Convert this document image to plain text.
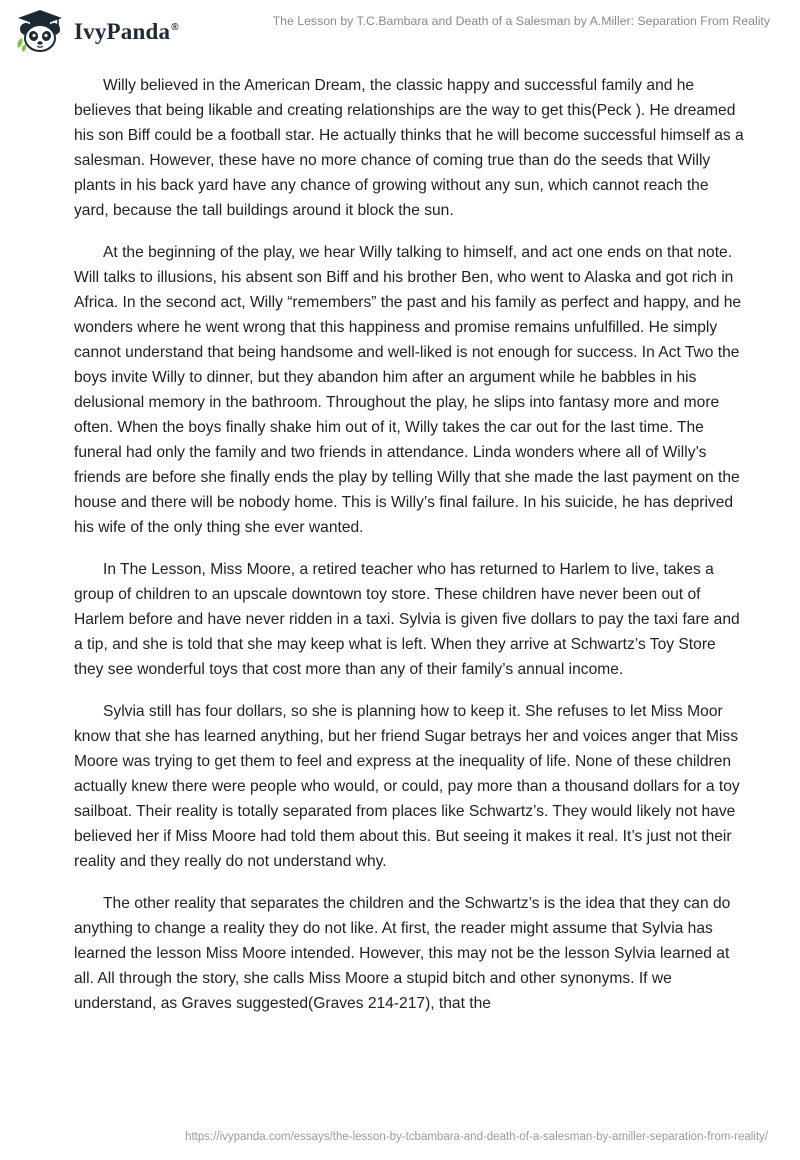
IvyPanda®	The Lesson by T.C.Bambara and Death of a Salesman by A.Miller: Separation From Reality

Willy believed in the American Dream, the classic happy and successful family and he believes that being likable and creating relationships are the way to get this(Peck ). He dreamed his son Biff could be a football star. He actually thinks that he will become successful himself as a salesman. However, these have no more chance of coming true than do the seeds that Willy plants in his back yard have any chance of growing without any sun, which cannot reach the yard, because the tall buildings around it block the sun.

At the beginning of the play, we hear Willy talking to himself, and act one ends on that note. Will talks to illusions, his absent son Biff and his brother Ben, who went to Alaska and got rich in Africa. In the second act, Willy “remembers” the past and his family as perfect and happy, and he wonders where he went wrong that this happiness and promise remains unfulfilled. He simply cannot understand that being handsome and well-liked is not enough for success. In Act Two the boys invite Willy to dinner, but they abandon him after an argument while he babbles in his delusional memory in the bathroom. Throughout the play, he slips into fantasy more and more often. When the boys finally shake him out of it, Willy takes the car out for the last time. The funeral had only the family and two friends in attendance. Linda wonders where all of Willy’s friends are before she finally ends the play by telling Willy that she made the last payment on the house and there will be nobody home. This is Willy’s final failure. In his suicide, he has deprived his wife of the only thing she ever wanted.

In The Lesson, Miss Moore, a retired teacher who has returned to Harlem to live, takes a group of children to an upscale downtown toy store. These children have never been out of Harlem before and have never ridden in a taxi. Sylvia is given five dollars to pay the taxi fare and a tip, and she is told that she may keep what is left. When they arrive at Schwartz’s Toy Store they see wonderful toys that cost more than any of their family’s annual income.

Sylvia still has four dollars, so she is planning how to keep it. She refuses to let Miss Moor know that she has learned anything, but her friend Sugar betrays her and voices anger that Miss Moore was trying to get them to feel and express at the inequality of life. None of these children actually knew there were people who would, or could, pay more than a thousand dollars for a toy sailboat. Their reality is totally separated from places like Schwartz’s. They would likely not have believed her if Miss Moore had told them about this. But seeing it makes it real. It’s just not their reality and they really do not understand why.

The other reality that separates the children and the Schwartz’s is the idea that they can do anything to change a reality they do not like. At first, the reader might assume that Sylvia has learned the lesson Miss Moore intended. However, this may not be the lesson Sylvia learned at all. All through the story, she calls Miss Moore a stupid bitch and other synonyms. If we understand, as Graves suggested(Graves 214-217), that the

https://ivypanda.com/essays/the-lesson-by-tcbambara-and-death-of-a-salesman-by-amiller-separation-from-reality/
